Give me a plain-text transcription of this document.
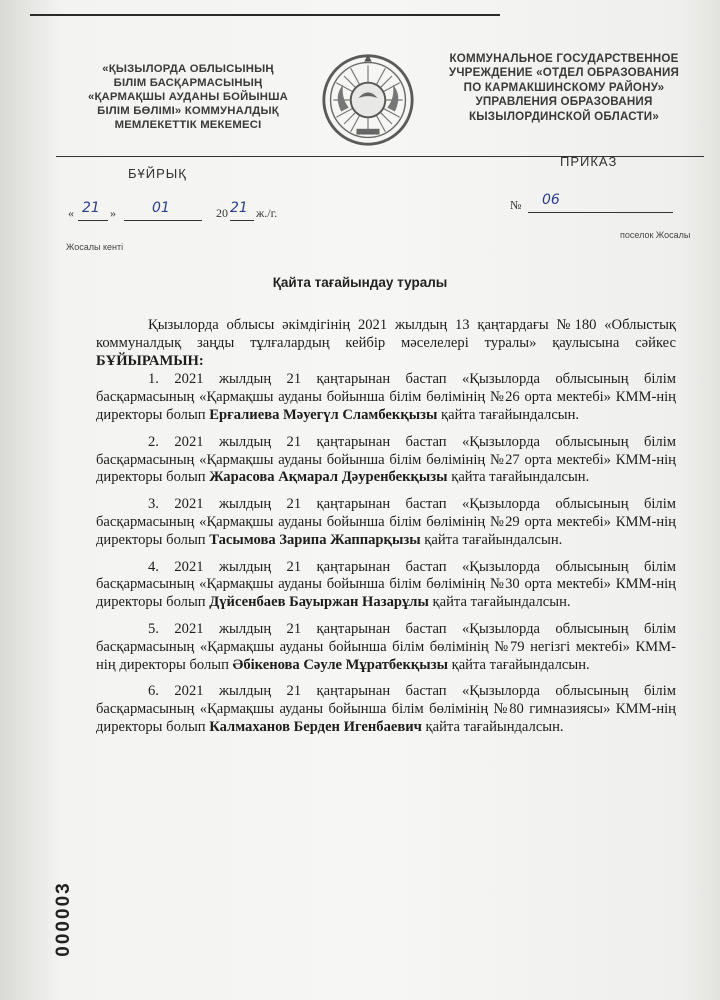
«ҚЫЗЫЛОРДА ОБЛЫСЫНЫҢ
БІЛІМ БАСҚАРМАСЫНЫҢ
«ҚАРМАҚШЫ АУДАНЫ БОЙЫНША
БІЛІМ БӨЛІМІ» КОММУНАЛДЫҚ
МЕМЛЕКЕТТІК МЕКЕМЕСІ
КОММУНАЛЬНОЕ ГОСУДАРСТВЕННОЕ
УЧРЕЖДЕНИЕ «ОТДЕЛ ОБРАЗОВАНИЯ
ПО КАРМАКШИНСКОМУ РАЙОНУ»
УПРАВЛЕНИЯ ОБРАЗОВАНИЯ
КЫЗЫЛОРДИНСКОЙ ОБЛАСТИ»
БҰЙРЫҚ
ПРИКАЗ
« 21 »	01	20 21 ж./г.
№ 06
Жосалы кенті
поселок Жосалы
Қайта тағайындау туралы

Қызылорда облысы әкімдігінің 2021 жылдың 13 қаңтардағы №180 «Облыстық коммуналдық заңды тұлғалардың кейбір мәселелері туралы» қаулысына сәйкес БҰЙЫРАМЫН:

1. 2021 жылдың 21 қаңтарынан бастап «Қызылорда облысының білім басқармасының «Қармақшы ауданы бойынша білім бөлімінің №26 орта мектебі» КММ-нің директоры болып Ерғалиева Мәуегүл Сламбекқызы қайта тағайындалсын.

2. 2021 жылдың 21 қаңтарынан бастап «Қызылорда облысының білім басқармасының «Қармақшы ауданы бойынша білім бөлімінің №27 орта мектебі» КММ-нің директоры болып Жарасова Ақмарал Дәуренбекқызы қайта тағайындалсын.

3. 2021 жылдың 21 қаңтарынан бастап «Қызылорда облысының білім басқармасының «Қармақшы ауданы бойынша білім бөлімінің №29 орта мектебі» КММ-нің директоры болып Тасымова Зарипа Жаппарқызы қайта тағайындалсын.

4. 2021 жылдың 21 қаңтарынан бастап «Қызылорда облысының білім басқармасының «Қармақшы ауданы бойынша білім бөлімінің №30 орта мектебі» КММ-нің директоры болып Дүйсенбаев Бауыржан Назарұлы қайта тағайындалсын.

5. 2021 жылдың 21 қаңтарынан бастап «Қызылорда облысының білім басқармасының «Қармақшы ауданы бойынша білім бөлімінің №79 негізгі мектебі» КММ-нің директоры болып Әбікенова Сәуле Мұратбекқызы қайта тағайындалсын.

6. 2021 жылдың 21 қаңтарынан бастап «Қызылорда облысының білім басқармасының «Қармақшы ауданы бойынша білім бөлімінің №80 гимназиясы» КММ-нің директоры болып Калмаханов Берден Игенбаевич қайта тағайындалсын.

000003
